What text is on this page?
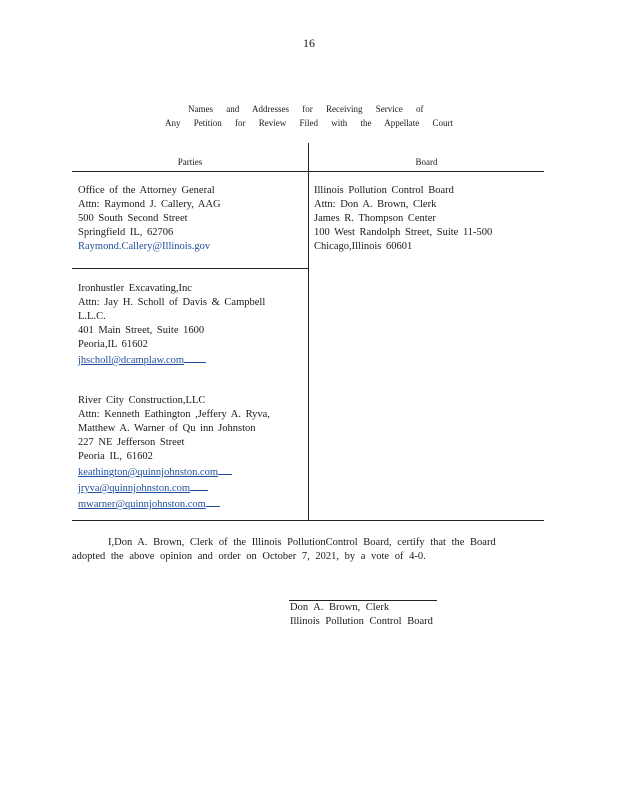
16
Names and Addresses for Receiving Service of
Any Petition for Review Filed with the Appellate Court
Parties	Board
Office of the Attorney General
Attn: Raymond J. Callery, AAG
500 South Second Street
Springfield IL, 62706
Raymond.Callery@Illinois.gov
Illinois Pollution Control Board
Attn: Don A. Brown, Clerk
James R. Thompson Center
100 West Randolph Street, Suite 11-500
Chicago,Illinois 60601
Ironhustler Excavating,Inc
Attn: Jay H. Scholl of Davis & Campbell
L.L.C.
401 Main Street, Suite 1600
Peoria,IL 61602
jhscholl@dcamplaw.com
River City Construction,LLC
Attn: Kenneth Eathington ,Jeffery A. Ryva,
Matthew A. Warner of Qu inn Johnston
227 NE Jefferson Street
Peoria IL, 61602
keathington@quinnjohnston.com
jryva@quinnjohnston.com
mwarner@quinnjohnston.com
I,Don A. Brown, Clerk of the Illinois PollutionControl Board, certify that the Board
adopted the above opinion and order on October 7, 2021, by a vote of 4-0.
Don A. Brown, Clerk
Illinois Pollution Control Board
